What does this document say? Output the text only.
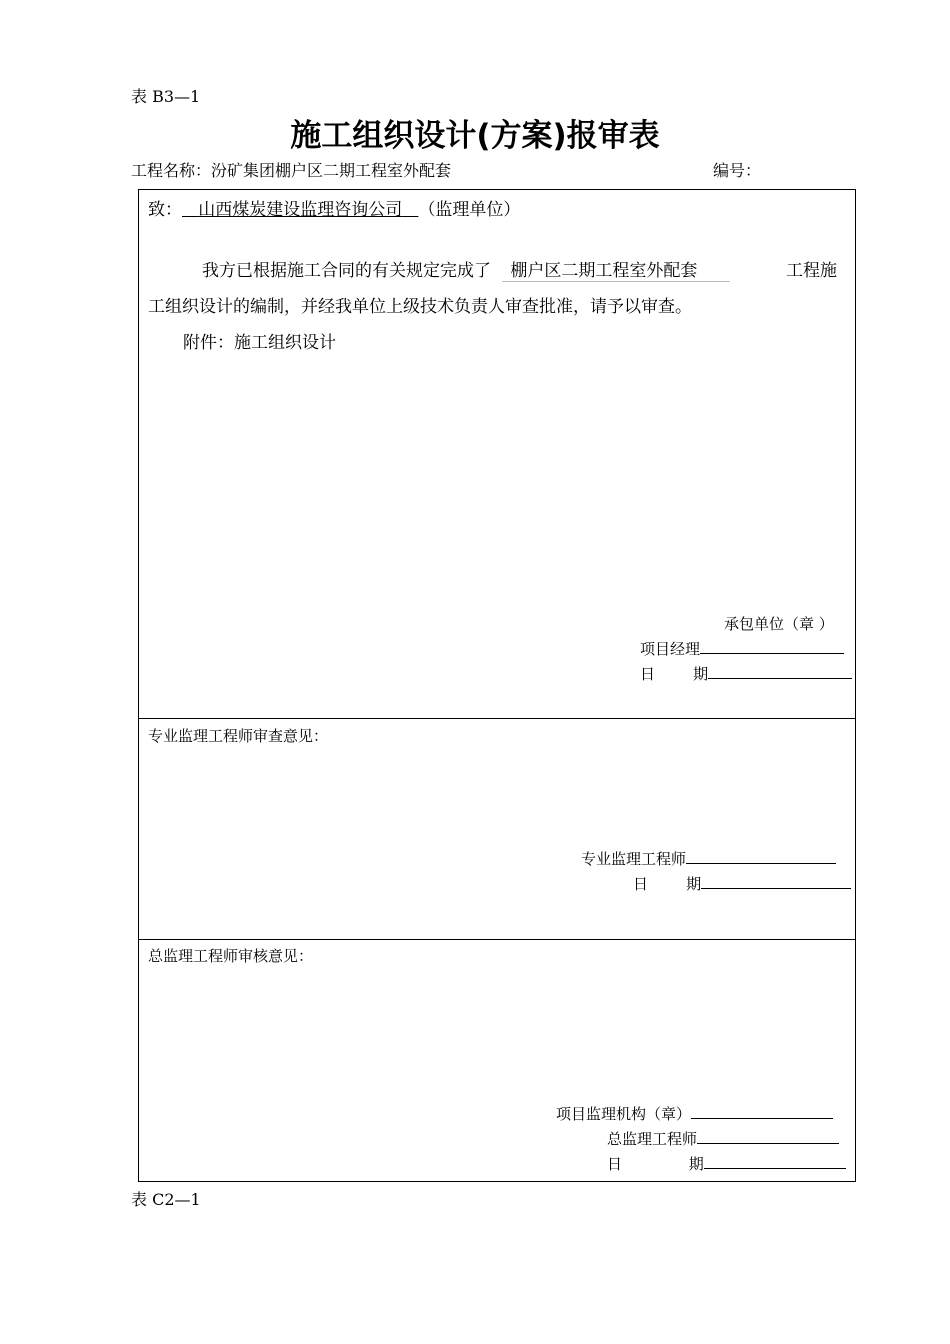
表 B3—1
施工组织设计(方案)报审表
工程名称：汾矿集团棚户区二期工程室外配套	编号：
致： 山西煤炭建设监理咨询公司 （监理单位）
我方已根据施工合同的有关规定完成了 棚户区二期工程室外配套	工程施
工组织设计的编制，并经我单位上级技术负责人审查批准，请予以审查。
附件：施工组织设计
承包单位（章 ）
项目经理
日        期
专业监理工程师审查意见：
专业监理工程师
日        期
总监理工程师审核意见：
项目监理机构（章）
总监理工程师
日              期
表 C2—1
